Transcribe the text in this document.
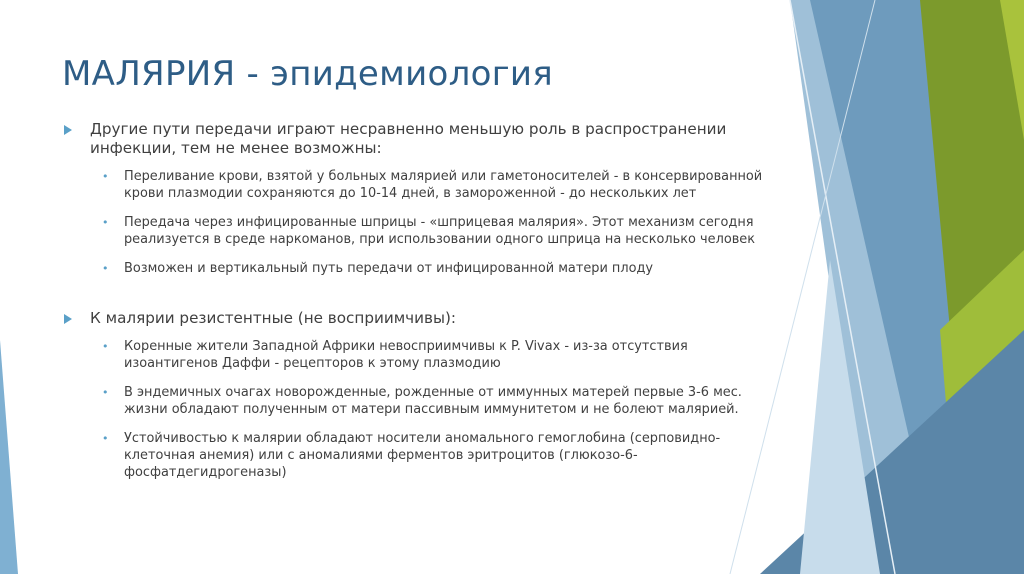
МАЛЯРИЯ - эпидемиология
Другие пути передачи играют несравненно меньшую роль в распространении инфекции, тем не менее возможны:
• Переливание крови, взятой у больных малярией или гаметоносителей - в консервированной крови плазмодии сохраняются до 10-14 дней, в замороженной - до нескольких лет
• Передача через инфицированные шприцы - «шприцевая малярия». Этот механизм сегодня реализуется в среде наркоманов, при использовании одного шприца на несколько человек
• Возможен и вертикальный путь передачи от инфицированной матери плоду
К малярии резистентные (не восприимчивы):
• Коренные жители Западной Африки невосприимчивы к P. Vivax - из-за отсутствия изоантигенов Даффи - рецепторов к этому плазмодию
• В эндемичных очагах новорожденные, рожденные от иммунных матерей первые 3-6 мес. жизни обладают полученным от матери пассивным иммунитетом и не болеют малярией.
• Устойчивостью к малярии обладают носители аномального гемоглобина (серповидно-клеточная анемия) или с аномалиями ферментов эритроцитов (глюкозо-6-фосфатдегидрогеназы)
